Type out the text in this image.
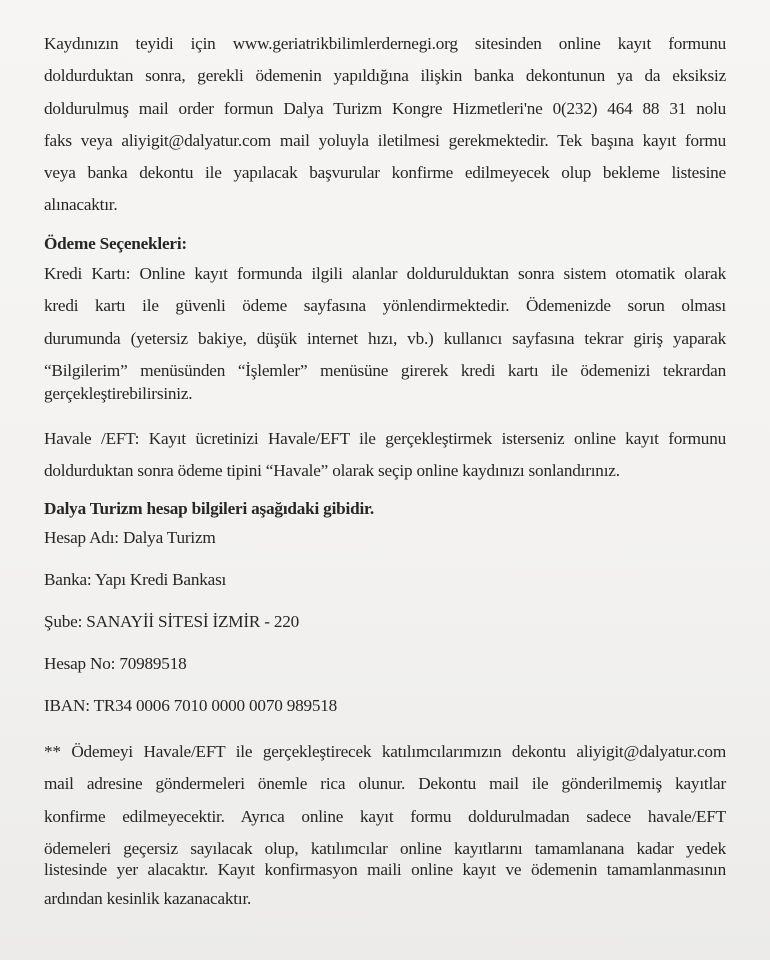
Kaydınızın teyidi için www.geriatrikbilimlerdernegi.org sitesinden online kayıt formunu
doldurduktan sonra, gerekli ödemenin yapıldığına ilişkin banka dekontunun ya da eksiksiz
doldurulmuş mail order formun Dalya Turizm Kongre Hizmetleri'ne 0(232) 464 88 31 nolu
faks veya aliyigit@dalyatur.com mail yoluyla iletilmesi gerekmektedir. Tek başına kayıt formu
veya banka dekontu ile yapılacak başvurular konfirme edilmeyecek olup bekleme listesine
alınacaktır.
Ödeme Seçenekleri:
Kredi Kartı: Online kayıt formunda ilgili alanlar doldurulduktan sonra sistem otomatik olarak
kredi kartı ile güvenli ödeme sayfasına yönlendirmektedir. Ödemenizde sorun olması
durumunda (yetersiz bakiye, düşük internet hızı, vb.) kullanıcı sayfasına tekrar giriş yaparak
“Bilgilerim” menüsünden “İşlemler” menüsüne girerek kredi kartı ile ödemenizi tekrardan
gerçekleştirebilirsiniz.
Havale /EFT: Kayıt ücretinizi Havale/EFT ile gerçekleştirmek isterseniz online kayıt formunu
doldurduktan sonra ödeme tipini “Havale” olarak seçip online kaydınızı sonlandırınız.
Dalya Turizm hesap bilgileri aşağıdaki gibidir.
Hesap Adı: Dalya Turizm
Banka: Yapı Kredi Bankası
Şube: SANAYİİ SİTESİ İZMİR - 220
Hesap No: 70989518
IBAN: TR34 0006 7010 0000 0070 989518
** Ödemeyi Havale/EFT ile gerçekleştirecek katılımcılarımızın dekontu aliyigit@dalyatur.com
mail adresine göndermeleri önemle rica olunur. Dekontu mail ile gönderilmemiş kayıtlar
konfirme edilmeyecektir. Ayrıca online kayıt formu doldurulmadan sadece havale/EFT
ödemeleri geçersiz sayılacak olup, katılımcılar online kayıtlarını tamamlanana kadar yedek
listesinde yer alacaktır. Kayıt konfirmasyon maili online kayıt ve ödemenin tamamlanmasının
ardından kesinlik kazanacaktır.
